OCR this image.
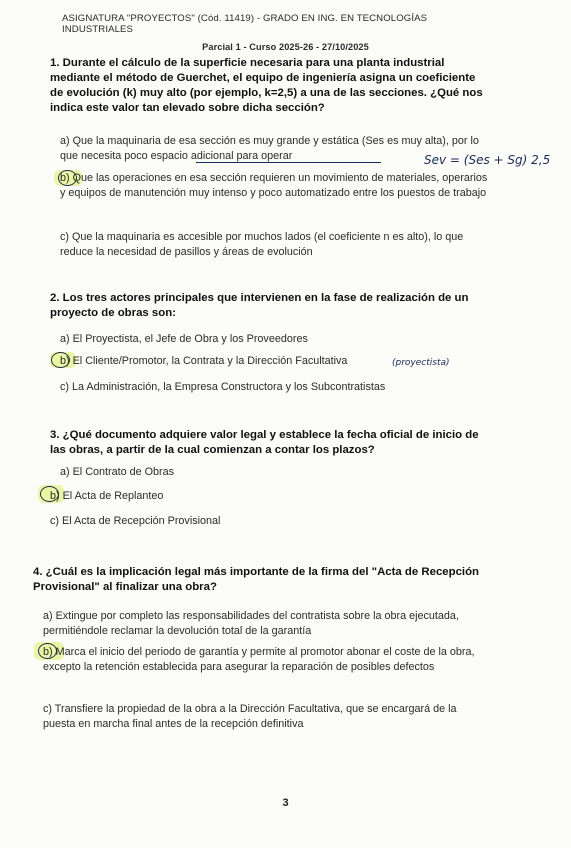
ASIGNATURA "PROYECTOS" (Cód. 11419) - GRADO EN ING. EN TECNOLOGÍAS INDUSTRIALES
Parcial 1 - Curso 2025-26 - 27/10/2025
1. Durante el cálculo de la superficie necesaria para una planta industrial mediante el método de Guerchet, el equipo de ingeniería asigna un coeficiente de evolución (k) muy alto (por ejemplo, k=2,5) a una de las secciones. ¿Qué nos indica este valor tan elevado sobre dicha sección?
a) Que la maquinaria de esa sección es muy grande y estática (Ses es muy alta), por lo que necesita poco espacio adicional para operar
b) Que las operaciones en esa sección requieren un movimiento de materiales, operarios y equipos de manutención muy intenso y poco automatizado entre los puestos de trabajo
c) Que la maquinaria es accesible por muchos lados (el coeficiente n es alto), lo que reduce la necesidad de pasillos y áreas de evolución
Sev = (Ses + Sg) 2,5
2. Los tres actores principales que intervienen en la fase de realización de un proyecto de obras son:
a) El Proyectista, el Jefe de Obra y los Proveedores
b) El Cliente/Promotor, la Contrata y la Dirección Facultativa	(proyectista)
c) La Administración, la Empresa Constructora y los Subcontratistas
3. ¿Qué documento adquiere valor legal y establece la fecha oficial de inicio de las obras, a partir de la cual comienzan a contar los plazos?
a) El Contrato de Obras
b) El Acta de Replanteo
c) El Acta de Recepción Provisional
4. ¿Cuál es la implicación legal más importante de la firma del "Acta de Recepción Provisional" al finalizar una obra?
a) Extingue por completo las responsabilidades del contratista sobre la obra ejecutada, permitiéndole reclamar la devolución total de la garantía
b) Marca el inicio del periodo de garantía y permite al promotor abonar el coste de la obra, excepto la retención establecida para asegurar la reparación de posibles defectos
c) Transfiere la propiedad de la obra a la Dirección Facultativa, que se encargará de la puesta en marcha final antes de la recepción definitiva
3
